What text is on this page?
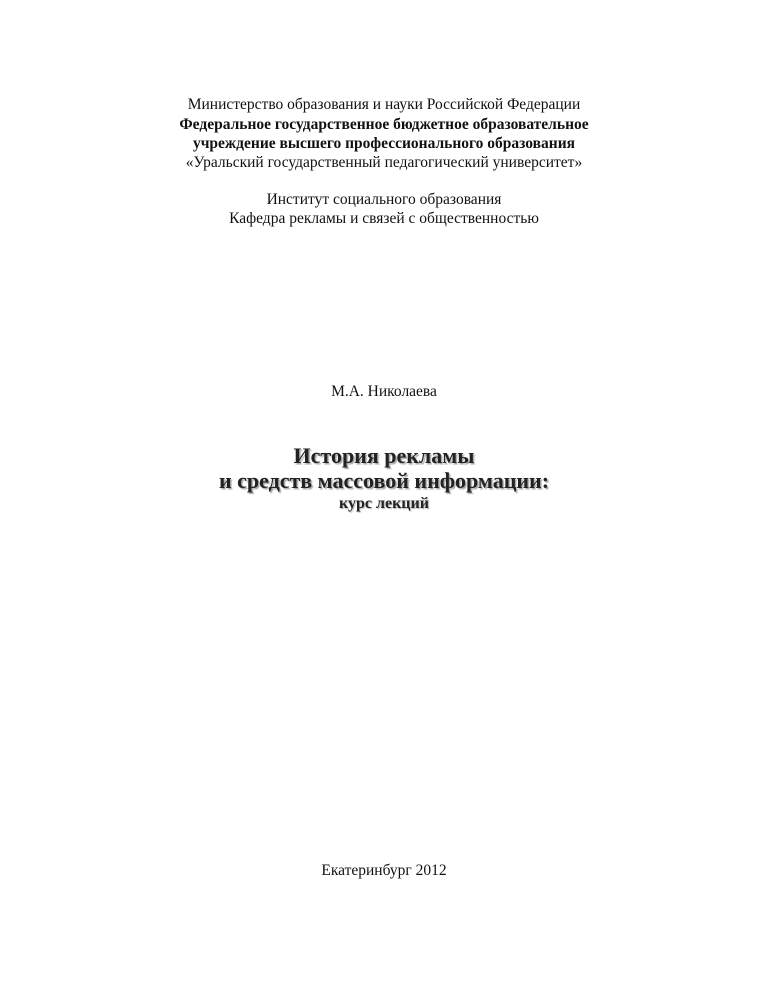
Министерство образования и науки Российской Федерации
Федеральное государственное бюджетное образовательное
учреждение высшего профессионального образования
«Уральский государственный педагогический университет»
Институт социального образования
Кафедра рекламы и связей с общественностью
М.А. Николаева
История рекламы
и средств массовой информации:
курс лекций
Екатеринбург 2012
